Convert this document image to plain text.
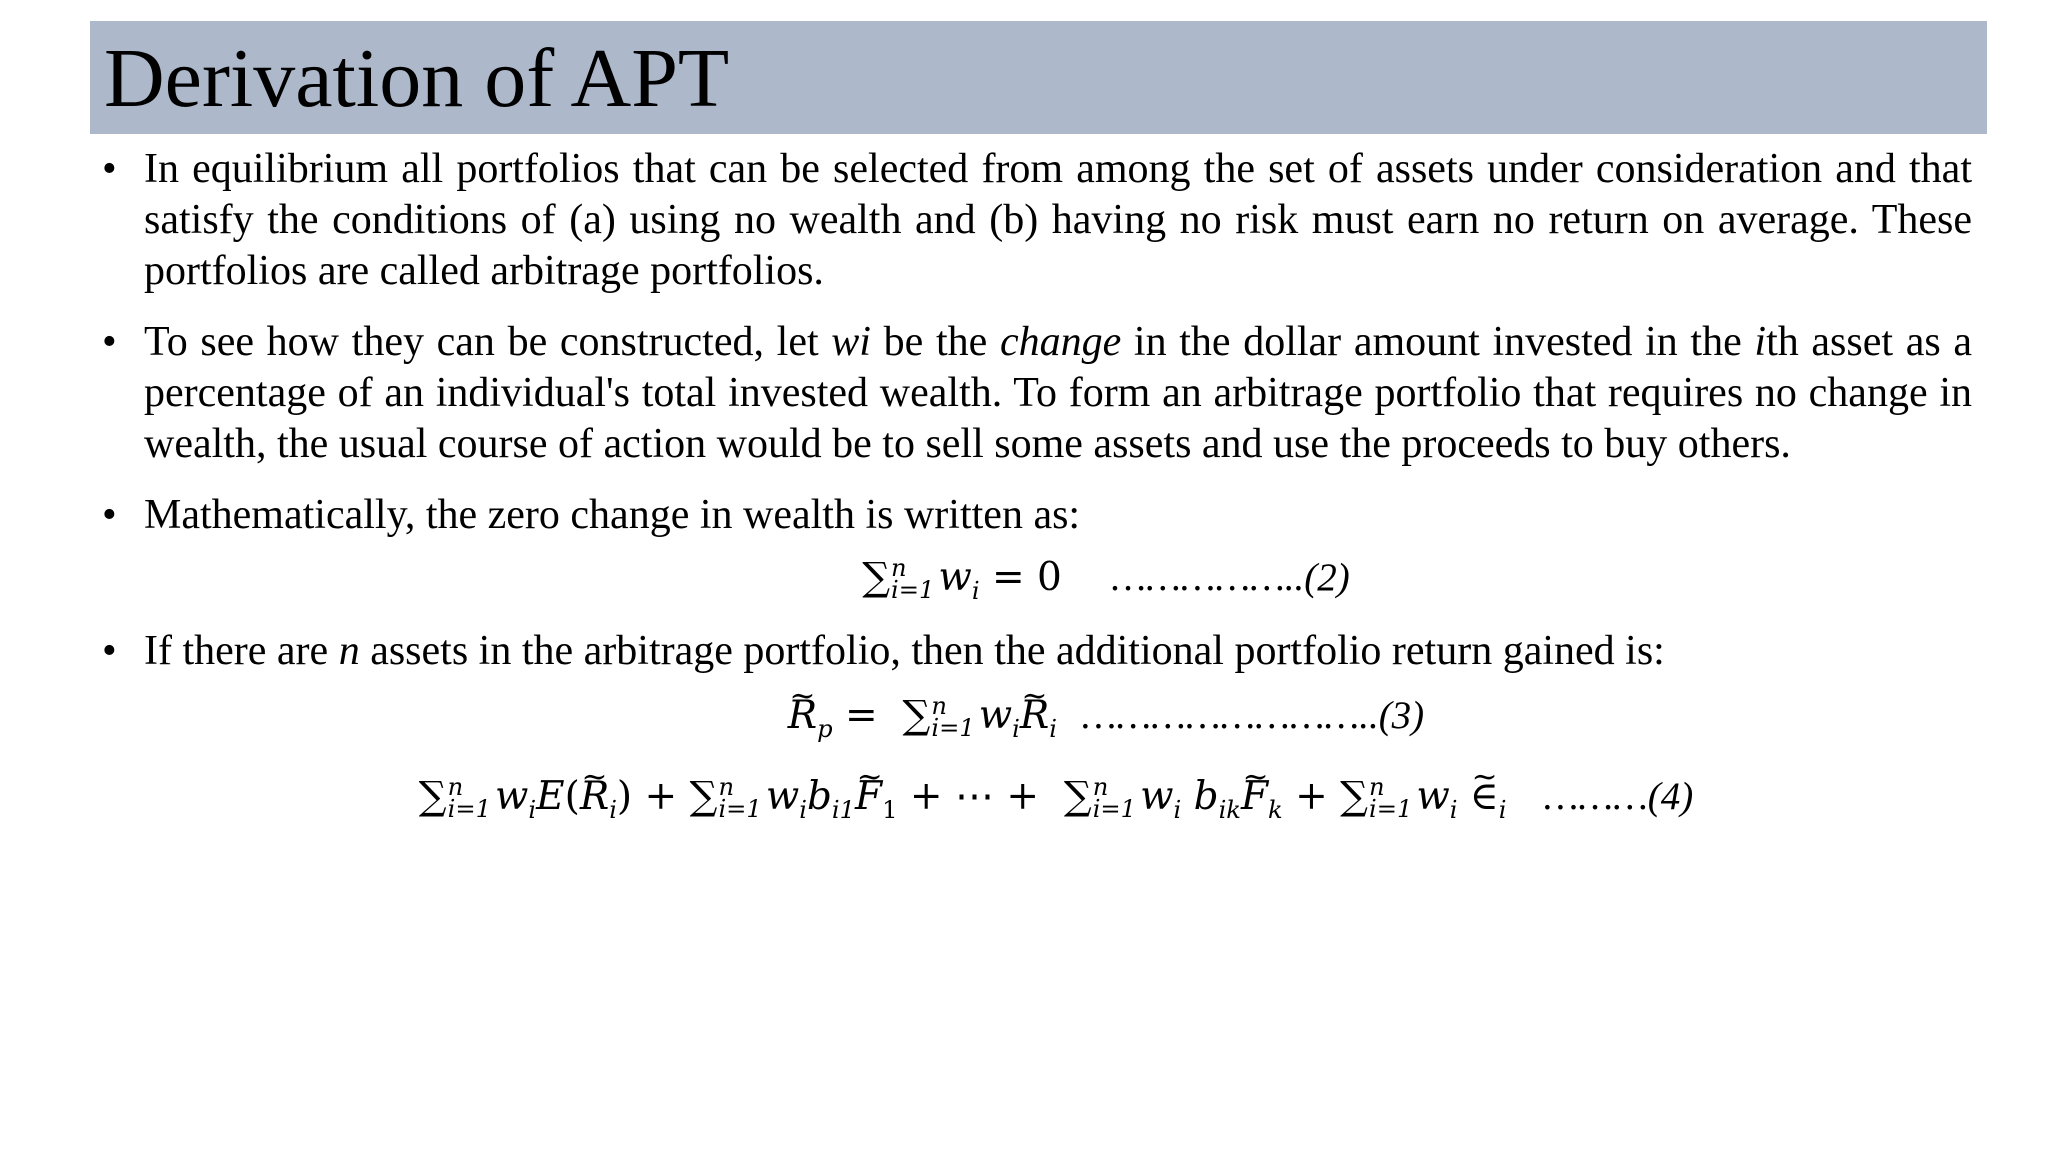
Derivation of APT
• In equilibrium all portfolios that can be selected from among the set of assets under consideration and that satisfy the conditions of (a) using no wealth and (b) having no risk must earn no return on average. These portfolios are called arbitrage portfolios.
• To see how they can be constructed, let wi be the change in the dollar amount invested in the ith asset as a percentage of an individual's total invested wealth. To form an arbitrage portfolio that requires no change in wealth, the usual course of action would be to sell some assets and use the proceeds to buy others.
• Mathematically, the zero change in wealth is written as:
∑ n
i=1 $w_i = 0$    ……………..(2)
• If there are n assets in the arbitrage portfolio, then the additional portfolio return gained is:
~ $R_p$ =  ∑ n
i=1 $w_i\sim$ $R_i$ ……………………..(3)
∑ n
i=1 $w_iE(\sim$ $R_i$) + ∑ n
i=1 $w_ib_{i1}\sim$ $F_1$ + ⋯ +  ∑ n
i=1 $w_i$ $b_{ik}\sim$ $F_k$ + ∑ n
i=1 $w_i$ ~ $\in_i$ ………(4)
